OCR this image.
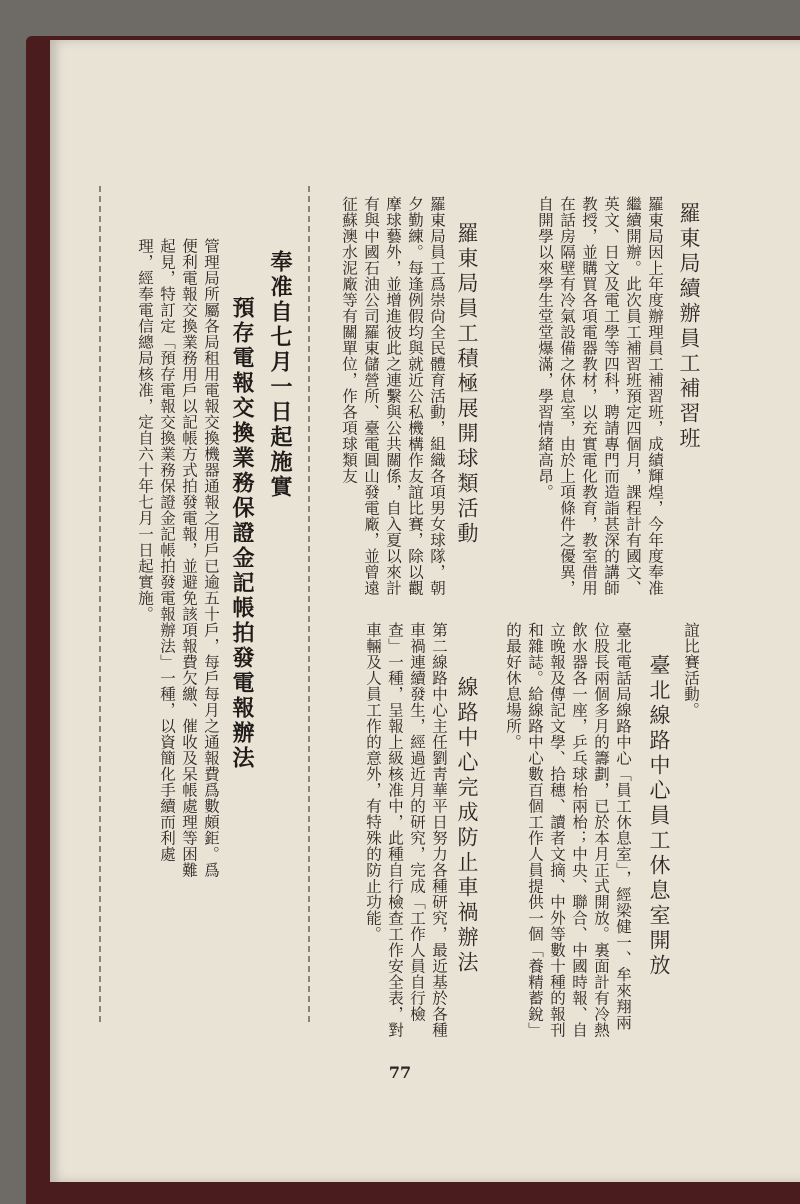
羅東局續辦員工補習班
羅東局因上年度辦理員工補習班，成績輝煌，今年度奉准繼續開辦。此次員工補習班預定四個月，課程計有國文、英文、日文及電工學等四科，聘請專門而造詣甚深的講師教授，並購買各項電器教材，以充實電化教育，教室借用在話房隔壁有冷氣設備之休息室，由於上項條件之優異，自開學以來學生堂堂爆滿，學習情緒高昂。
羅東局員工積極展開球類活動
羅東局員工爲崇尙全民體育活動，組織各項男女球隊，朝夕勤練。每逢例假均與就近公私機構作友誼比賽，除以觀摩球藝外，並增進彼此之連繫與公共關係，自入夏以來計有與中國石油公司羅東儲營所、臺電圓山發電廠，並曾遠征蘇澳水泥廠等有關單位，作各項球類友
誼比賽活動。
臺北線路中心員工休息室開放
臺北電話局線路中心「員工休息室」，經梁健一、牟來翔兩位股長兩個多月的籌劃，已於本月正式開放。裏面計有冷熱飲水器各一座，乒乓球枱兩枱；中央、聯合、中國時報、自立晚報及傳記文學、拾穗、讀者文摘、中外等數十種的報刊和雜誌。給線路中心數百個工作人員提供一個「養精蓄銳」的最好休息場所。
線路中心完成防止車禍辦法
第二線路中心主任劉靑華平日努力各種研究，最近基於各種車禍連續發生，經過近月的研究，完成「工作人員自行檢查」一種，呈報上級核准中，此種自行檢查工作安全表，對車輛及人員工作的意外，有特殊的防止功能。
奉准自七月一日起施實
預存電報交換業務保證金記帳拍發電報辦法
管理局所屬各局租用電報交換機器通報之用戶已逾五十戶，每戶每月之通報費爲數頗鉅。爲便利電報交換業務用戶以記帳方式拍發電報，並避免該項報費欠繳、催收及呆帳處理等困難起見，特訂定「預存電報交換業務保證金記帳拍發電報辦法」一種，以資簡化手續而利處理，經奉電信總局核准，定自六十年七月一日起實施。
77
